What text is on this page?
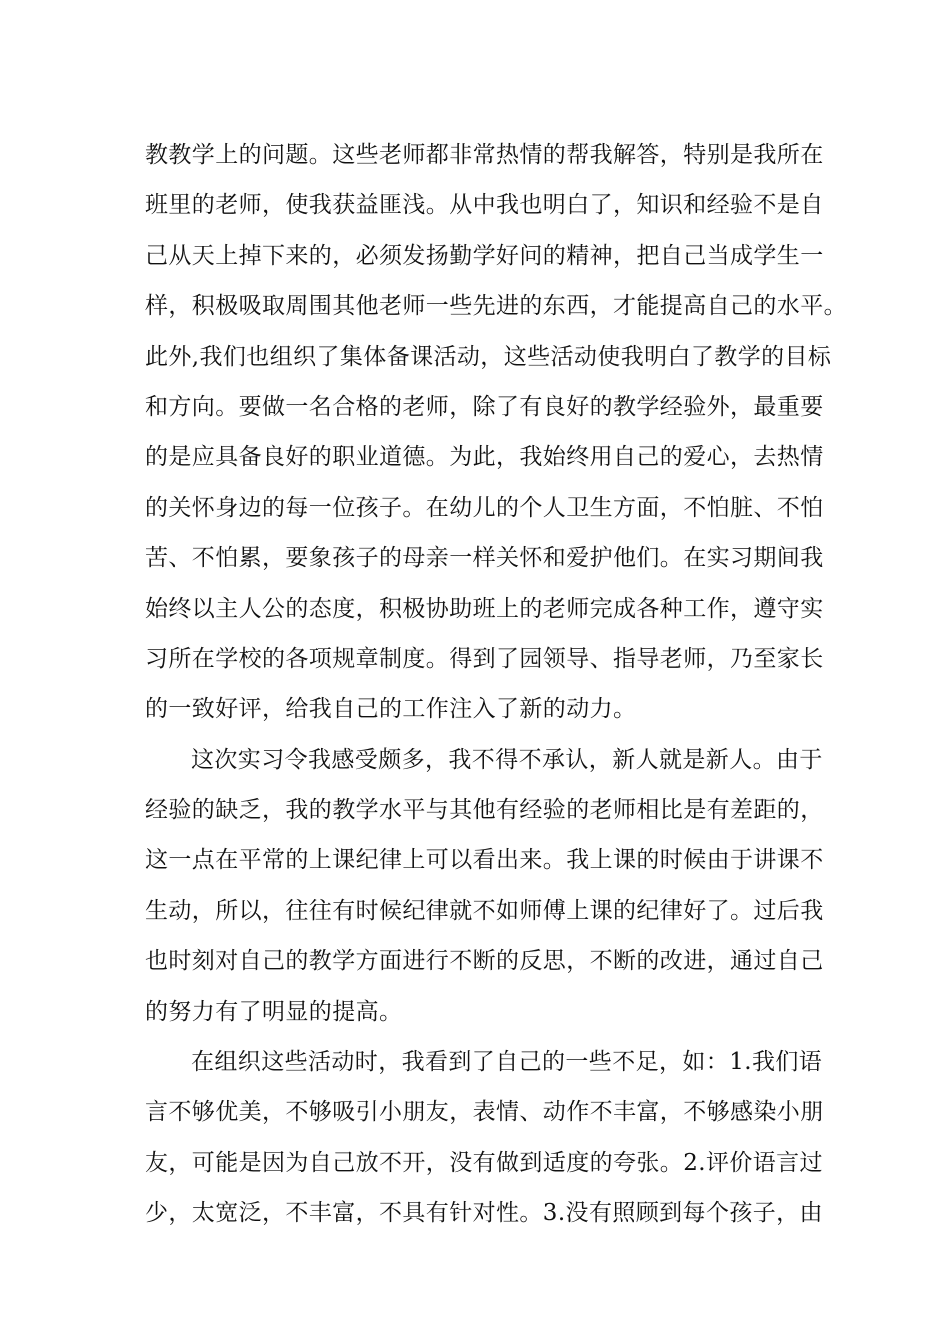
教教学上的问题。这些老师都非常热情的帮我解答，特别是我所在
班里的老师，使我获益匪浅。从中我也明白了，知识和经验不是自
己从天上掉下来的，必须发扬勤学好问的精神，把自己当成学生一
样，积极吸取周围其他老师一些先进的东西，才能提高自己的水平。
此外,我们也组织了集体备课活动，这些活动使我明白了教学的目标
和方向。要做一名合格的老师，除了有良好的教学经验外，最重要
的是应具备良好的职业道德。为此，我始终用自己的爱心，去热情
的关怀身边的每一位孩子。在幼儿的个人卫生方面，不怕脏、不怕
苦、不怕累，要象孩子的母亲一样关怀和爱护他们。在实习期间我
始终以主人公的态度，积极协助班上的老师完成各种工作，遵守实
习所在学校的各项规章制度。得到了园领导、指导老师，乃至家长
的一致好评，给我自己的工作注入了新的动力。
这次实习令我感受颇多，我不得不承认，新人就是新人。由于
经验的缺乏，我的教学水平与其他有经验的老师相比是有差距的，
这一点在平常的上课纪律上可以看出来。我上课的时候由于讲课不
生动，所以，往往有时候纪律就不如师傅上课的纪律好了。过后我
也时刻对自己的教学方面进行不断的反思，不断的改进，通过自己
的努力有了明显的提高。
在组织这些活动时，我看到了自己的一些不足，如：1.我们语
言不够优美，不够吸引小朋友，表情、动作不丰富，不够感染小朋
友，可能是因为自己放不开，没有做到适度的夸张。2.评价语言过
少，太宽泛，不丰富，不具有针对性。3.没有照顾到每个孩子，由
